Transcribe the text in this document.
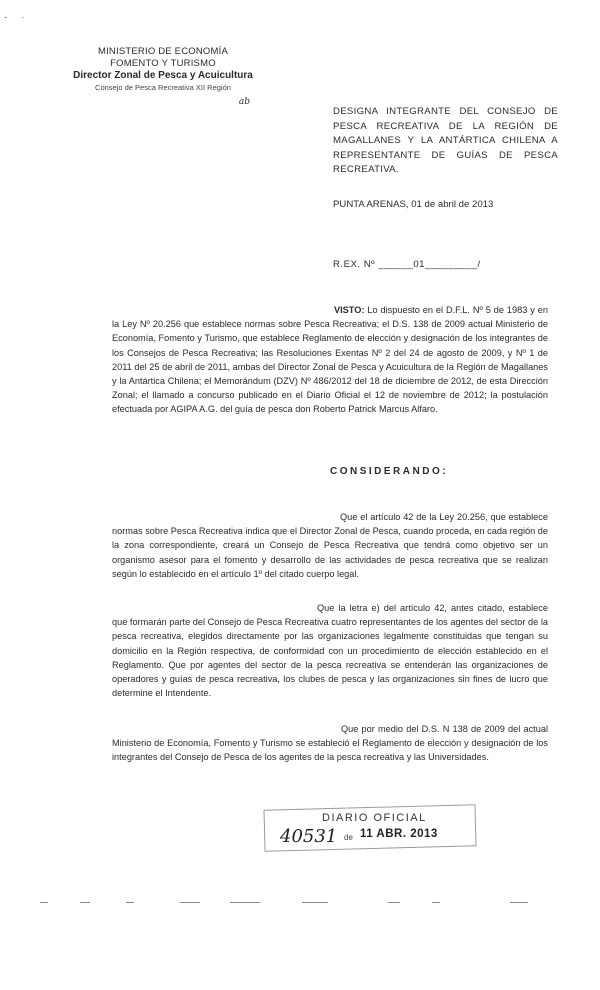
- ·
MINISTERIO DE ECONOMÍA
FOMENTO Y TURISMO
Director Zonal de Pesca y Acuicultura
Consejo de Pesca Recreativa XII Región
ab
DESIGNA INTEGRANTE DEL CONSEJO DE PESCA RECREATIVA DE LA REGIÓN DE MAGALLANES Y LA ANTÁRTICA CHILENA A REPRESENTANTE DE GUÍAS DE PESCA RECREATIVA.
PUNTA ARENAS, 01 de abril de 2013
R.EX. Nº ______01_________/
VISTO: Lo dispuesto en el D.F.L. Nº 5 de 1983 y en la Ley Nº 20.256 que establece normas sobre Pesca Recreativa; el D.S. 138 de 2009 actual Ministerio de Economía, Fomento y Turismo, que establece Reglamento de elección y designación de los integrantes de los Consejos de Pesca Recreativa; las Resoluciones Exentas Nº 2 del 24 de agosto de 2009, y Nº 1 de 2011 del 25 de abril de 2011, ambas del Director Zonal de Pesca y Acuicultura de la Región de Magallanes y la Antártica Chilena; el Memorándum (DZV) Nº 486/2012 del 18 de diciembre de 2012, de esta Dirección Zonal; el llamado a concurso publicado en el Diario Oficial el 12 de noviembre de 2012; la postulación efectuada por AGIPA A.G. del guía de pesca don Roberto Patrick Marcus Alfaro.
CONSIDERANDO:
Que el artículo 42 de la Ley 20.256, que establece normas sobre Pesca Recreativa indica que el Director Zonal de Pesca, cuando proceda, en cada región de la zona correspondiente, creará un Consejo de Pesca Recreativa que tendrá como objetivo ser un organismo asesor para el fomento y desarrollo de las actividades de pesca recreativa que se realizan según lo establecido en el artículo 1º del citado cuerpo legal.
Que la letra e) del artículo 42, antes citado, establece que formarán parte del Consejo de Pesca Recreativa cuatro representantes de los agentes del sector de la pesca recreativa, elegidos directamente por las organizaciones legalmente constituidas que tengan su domicilio en la Región respectiva, de conformidad con un procedimiento de elección establecido en el Reglamento. Que por agentes del sector de la pesca recreativa se entenderán las organizaciones de operadores y guías de pesca recreativa, los clubes de pesca y las organizaciones sin fines de lucro que determine el Intendente.
Que por medio del D.S. N 138 de 2009 del actual Ministerio de Economía, Fomento y Turismo se estableció el Reglamento de elección y designación de los integrantes del Consejo de Pesca de los agentes de la pesca recreativa y las Universidades.
DIARIO OFICIAL
40531 de 11 ABR. 2013
